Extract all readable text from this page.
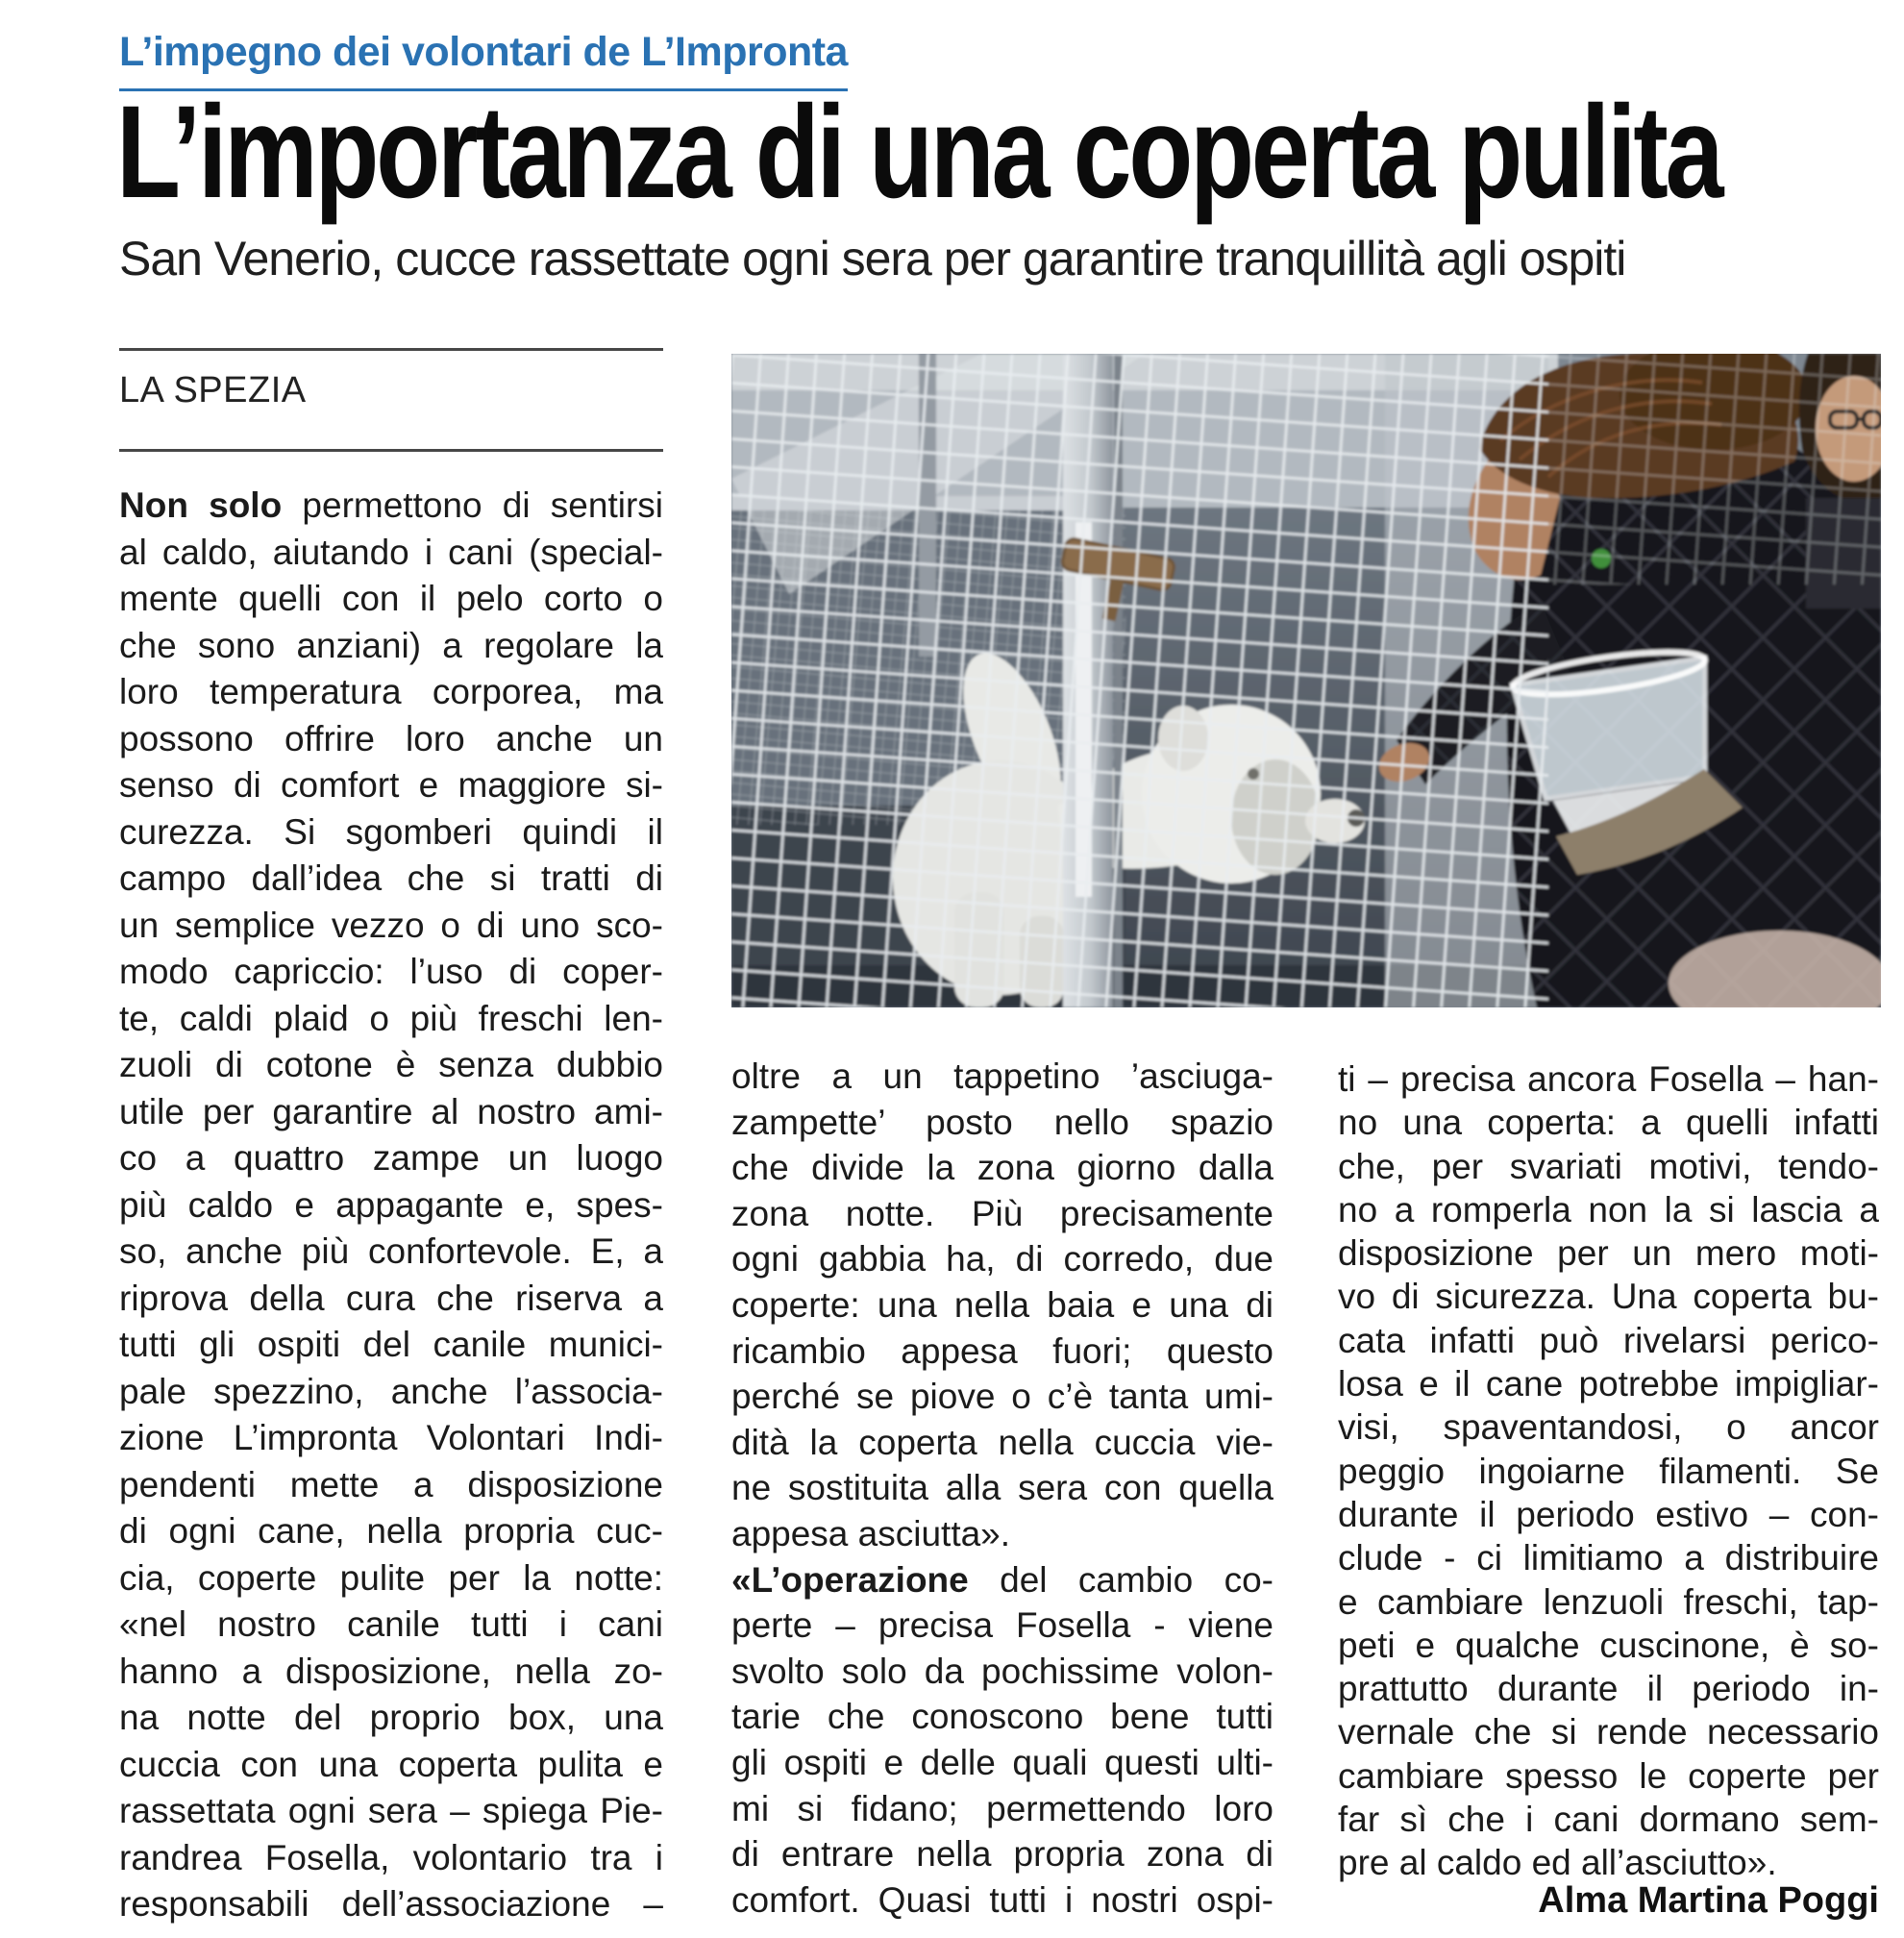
L’impegno dei volontari de L’Impronta
L’importanza di una coperta pulita
San Venerio, cucce rassettate ogni sera per garantire tranquillità agli ospiti
LA SPEZIA
Non solo permettono di sentirsi
al caldo, aiutando i cani (special-
mente quelli con il pelo corto o
che sono anziani) a regolare la
loro temperatura corporea, ma
possono offrire loro anche un
senso di comfort e maggiore si-
curezza. Si sgomberi quindi il
campo dall’idea che si tratti di
un semplice vezzo o di uno sco-
modo capriccio: l’uso di coper-
te, caldi plaid o più freschi len-
zuoli di cotone è senza dubbio
utile per garantire al nostro ami-
co a quattro zampe un luogo
più caldo e appagante e, spes-
so, anche più confortevole. E, a
riprova della cura che riserva a
tutti gli ospiti del canile munici-
pale spezzino, anche l’associa-
zione L’impronta Volontari Indi-
pendenti mette a disposizione
di ogni cane, nella propria cuc-
cia, coperte pulite per la notte:
«nel nostro canile tutti i cani
hanno a disposizione, nella zo-
na notte del proprio box, una
cuccia con una coperta pulita e
rassettata ogni sera – spiega Pie-
randrea Fosella, volontario tra i
responsabili dell’associazione –
oltre a un tappetino ’asciuga-
zampette’ posto nello spazio
che divide la zona giorno dalla
zona notte. Più precisamente
ogni gabbia ha, di corredo, due
coperte: una nella baia e una di
ricambio appesa fuori; questo
perché se piove o c’è tanta umi-
dità la coperta nella cuccia vie-
ne sostituita alla sera con quella
appesa asciutta».
«L’operazione del cambio co-
perte – precisa Fosella - viene
svolto solo da pochissime volon-
tarie che conoscono bene tutti
gli ospiti e delle quali questi ulti-
mi si fidano; permettendo loro
di entrare nella propria zona di
comfort. Quasi tutti i nostri ospi-
ti – precisa ancora Fosella – han-
no una coperta: a quelli infatti
che, per svariati motivi, tendo-
no a romperla non la si lascia a
disposizione per un mero moti-
vo di sicurezza. Una coperta bu-
cata infatti può rivelarsi perico-
losa e il cane potrebbe impigliar-
visi, spaventandosi, o ancor
peggio ingoiarne filamenti. Se
durante il periodo estivo – con-
clude - ci limitiamo a distribuire
e cambiare lenzuoli freschi, tap-
peti e qualche cuscinone, è so-
prattutto durante il periodo in-
vernale che si rende necessario
cambiare spesso le coperte per
far sì che i cani dormano sem-
pre al caldo ed all’asciutto».
Alma Martina Poggi
